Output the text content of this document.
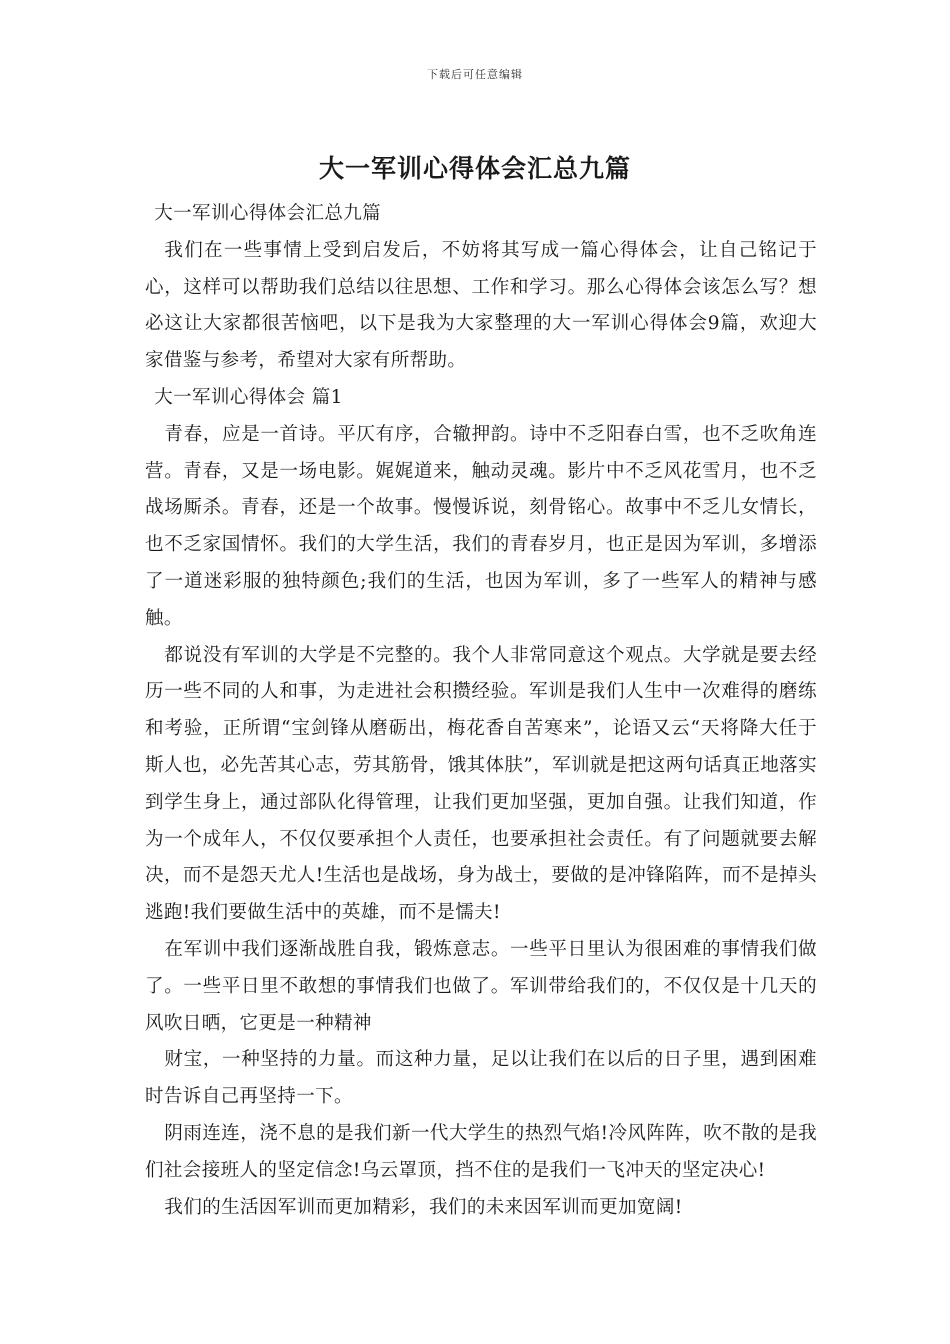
下载后可任意编辑
大一军训心得体会汇总九篇

大一军训心得体会汇总九篇

我们在一些事情上受到启发后，不妨将其写成一篇心得体会，让自己铭记于心，这样可以帮助我们总结以往思想、工作和学习。那么心得体会该怎么写？想必这让大家都很苦恼吧，以下是我为大家整理的大一军训心得体会9篇，欢迎大家借鉴与参考，希望对大家有所帮助。

大一军训心得体会 篇1

青春，应是一首诗。平仄有序，合辙押韵。诗中不乏阳春白雪，也不乏吹角连营。青春，又是一场电影。娓娓道来，触动灵魂。影片中不乏风花雪月，也不乏战场厮杀。青春，还是一个故事。慢慢诉说，刻骨铭心。故事中不乏儿女情长，也不乏家国情怀。我们的大学生活，我们的青春岁月，也正是因为军训，多增添了一道迷彩服的独特颜色;我们的生活，也因为军训，多了一些军人的精神与感触。

都说没有军训的大学是不完整的。我个人非常同意这个观点。大学就是要去经历一些不同的人和事，为走进社会积攒经验。军训是我们人生中一次难得的磨练和考验，正所谓“宝剑锋从磨砺出，梅花香自苦寒来”，论语又云“天将降大任于斯人也，必先苦其心志，劳其筋骨，饿其体肤”，军训就是把这两句话真正地落实到学生身上，通过部队化得管理，让我们更加坚强，更加自强。让我们知道，作为一个成年人，不仅仅要承担个人责任，也要承担社会责任。有了问题就要去解决，而不是怨天尤人!生活也是战场，身为战士，要做的是冲锋陷阵，而不是掉头逃跑!我们要做生活中的英雄，而不是懦夫!

在军训中我们逐渐战胜自我，锻炼意志。一些平日里认为很困难的事情我们做了。一些平日里不敢想的事情我们也做了。军训带给我们的，不仅仅是十几天的风吹日晒，它更是一种精神

财宝，一种坚持的力量。而这种力量，足以让我们在以后的日子里，遇到困难时告诉自己再坚持一下。

阴雨连连，浇不息的是我们新一代大学生的热烈气焰!冷风阵阵，吹不散的是我们社会接班人的坚定信念!乌云罩顶，挡不住的是我们一飞冲天的坚定决心!

我们的生活因军训而更加精彩，我们的未来因军训而更加宽阔!
